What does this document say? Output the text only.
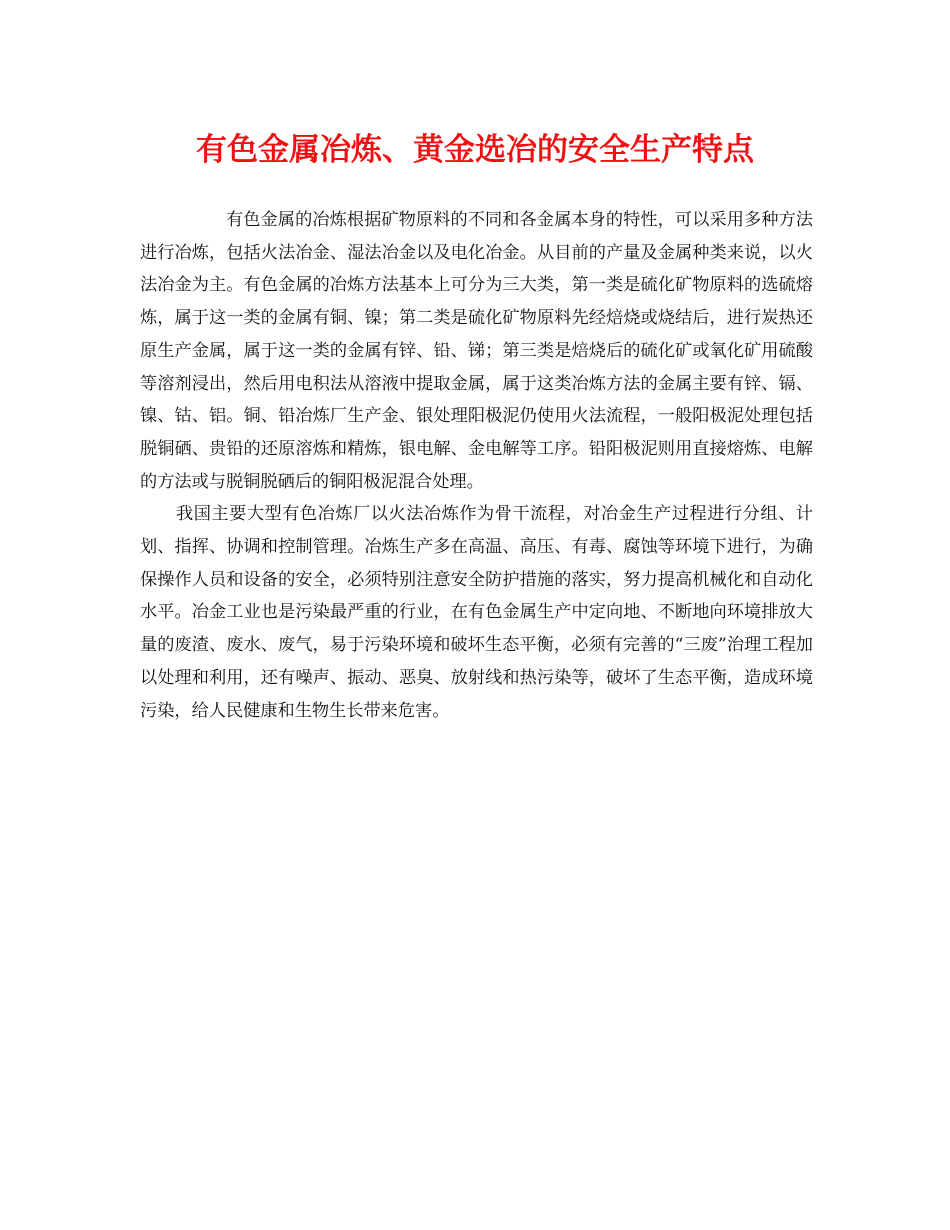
有色金属冶炼、黄金选冶的安全生产特点

有色金属的冶炼根据矿物原料的不同和各金属本身的特性，可以采用多种方法进行冶炼，包括火法冶金、湿法冶金以及电化冶金。从目前的产量及金属种类来说，以火法冶金为主。有色金属的冶炼方法基本上可分为三大类，第一类是硫化矿物原料的选硫熔炼，属于这一类的金属有铜、镍；第二类是硫化矿物原料先经焙烧或烧结后，进行炭热还原生产金属，属于这一类的金属有锌、铅、锑；第三类是焙烧后的硫化矿或氧化矿用硫酸等溶剂浸出，然后用电积法从溶液中提取金属，属于这类冶炼方法的金属主要有锌、镉、镍、钴、铝。铜、铅冶炼厂生产金、银处理阳极泥仍使用火法流程，一般阳极泥处理包括脱铜硒、贵铅的还原溶炼和精炼，银电解、金电解等工序。铅阳极泥则用直接熔炼、电解的方法或与脱铜脱硒后的铜阳极泥混合处理。

我国主要大型有色冶炼厂以火法冶炼作为骨干流程，对冶金生产过程进行分组、计划、指挥、协调和控制管理。冶炼生产多在高温、高压、有毒、腐蚀等环境下进行，为确保操作人员和设备的安全，必须特别注意安全防护措施的落实，努力提高机械化和自动化水平。冶金工业也是污染最严重的行业，在有色金属生产中定向地、不断地向环境排放大量的废渣、废水、废气，易于污染环境和破坏生态平衡，必须有完善的“三废”治理工程加以处理和利用，还有噪声、振动、恶臭、放射线和热污染等，破坏了生态平衡，造成环境污染，给人民健康和生物生长带来危害。
